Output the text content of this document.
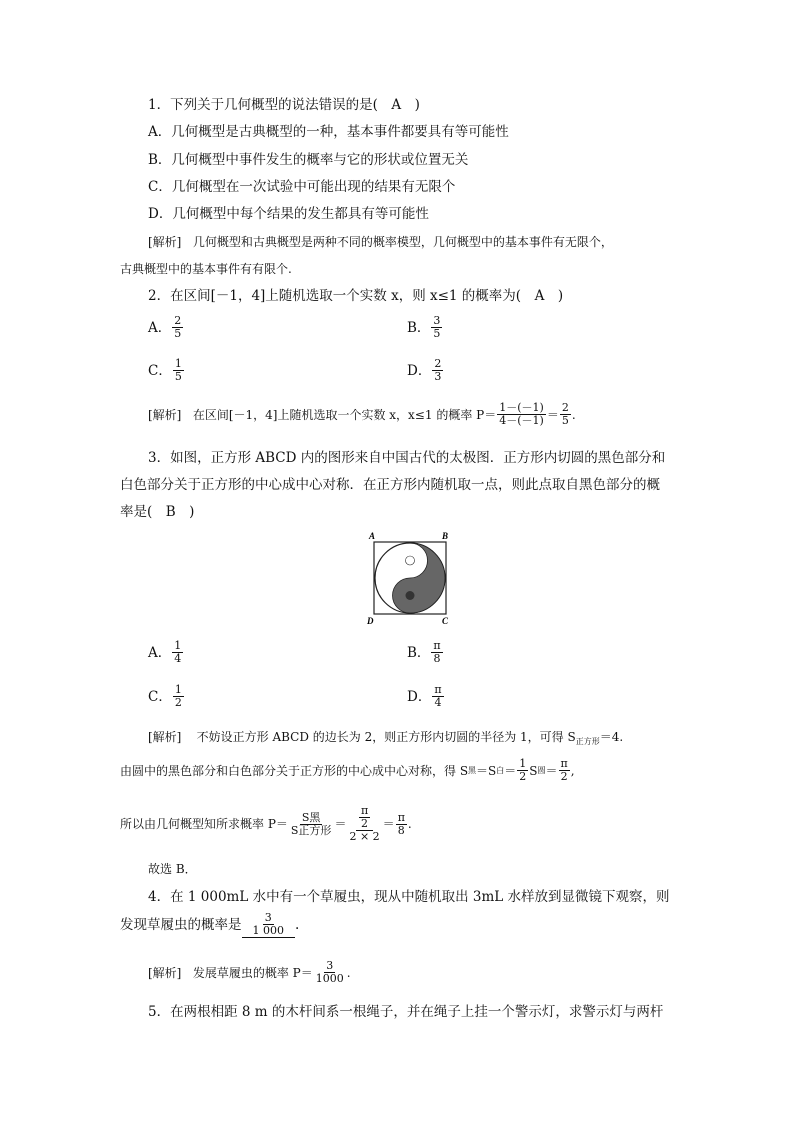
1．下列关于几何概型的说法错误的是(　A　)
A．几何概型是古典概型的一种，基本事件都要具有等可能性
B．几何概型中事件发生的概率与它的形状或位置无关
C．几何概型在一次试验中可能出现的结果有无限个
D．几何概型中每个结果的发生都具有等可能性
[解析] 几何概型和古典概型是两种不同的概率模型，几何概型中的基本事件有无限个，
古典概型中的基本事件有有限个.
2．在区间[－1，4]上随机选取一个实数 x，则 x≤1 的概率为(　A　)
A． $\frac{2}{5}$	B． $\frac{3}{5}$
C． $\frac{1}{5}$	D． $\frac{2}{3}$
[解析]
在区间[－1，4]上随机选取一个实数 x，x≤1 的概率 $P= \frac{1-(-1)}{4-(-1)} = \frac{2}{5}$ .
3．如图，正方形 ABCD 内的图形来自中国古代的太极图．正方形内切圆的黑色部分和
白色部分关于正方形的中心成中心对称．在正方形内随机取一点，则此点取自黑色部分的概
率是(　B　)
A	B
D	C
A． $\frac{1}{4}$	B． $\frac{\pi}{8}$
C． $\frac{1}{2}$	D． $\frac{\pi}{4}$
[解析] 不妨设正方形 ABCD 的边长为 2，则正方形内切圆的半径为 1，可得 $S_{正方形}=4$.
由圆中的黑色部分和白色部分关于正方形的中心成中心对称，得 S 黑 ＝S 白 ＝ $\frac{1}{2}$ S 圆 ＝ $\frac{\pi}{2}$ ,
所以由几何概型知所求概率 $P= \frac{\text{S黑}}{\text{S正方形}} = \frac{\frac{\pi}{2}}{2 \times 2} = \frac{\pi}{8}$ .
故选 B．
4．在 1 000mL 水中有一个草履虫，现从中随机取出 3mL 水样放到显微镜下观察，则
发现草履虫的概率是 $\frac{3}{1 000}$ .
[解析]
发展草履虫的概率 $P= \frac{3}{1000}$ .
5．在两根相距 8 m 的木杆间系一根绳子，并在绳子上挂一个警示灯，求警示灯与两杆
